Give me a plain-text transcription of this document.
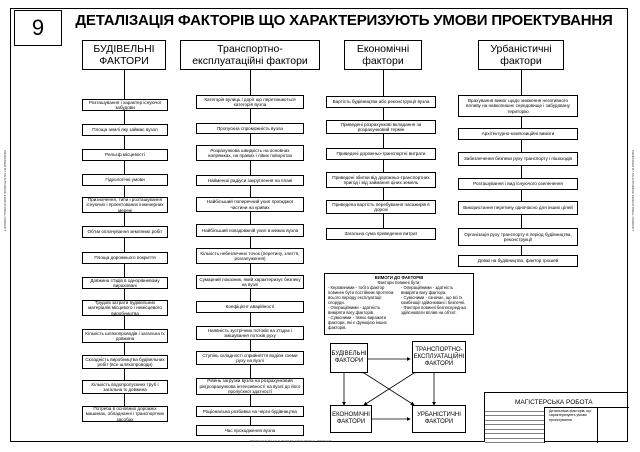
PRODUCED BY AN AUTODESK EDUCATIONAL PRODUCT	PRODUCED BY AN AUTODESK EDUCATIONAL PRODUCT
9	ДЕТАЛІЗАЦІЯ ФАКТОРІВ ЩО ХАРАКТЕРИЗУЮТЬ УМОВИ ПРОЕКТУВАННЯ
БУДІВЕЛЬНІ ФАКТОРИ
Транспортно-експлуатаційні фактори
Економічні фактори
Урбаністичні фактори
Розташування і характер існуючої забудови
Площа землі яку займає вузол
Рельєф місцевості
Гідрологічні умови
Призначення, типи і розташування існуючих і проектованих інженерних мереж
Об'єм оплачування земляних робіт
Площа дорожнього покриття
Довжина з'їздів в однорівневому вираховані
Трудові затрати будівельних матеріалів місцевого і немісцевого виробництва
Кількість шляхопроводів і загальна їх довжина
Складність виробництва будівельних робіт (все шляхопроводи)
Кількість водопропускних труб і загальна їх довжина
Потреба в основних дорожніх машинах, обладнанні і транспортних засобах
Категорія вулиць і доріг що перетинаються категорія вузла
Пропускна спроможність вузла
Розрахункова швидкість на основних напрямках, на правих і лівих поворотах
Найменші радіуси закруглення на плані
Найбільший поперечний ухил проїжджої частини на кривих
Найбільший повздовжній ухил в межах вузла
Кількість небезпечних точок (перетину, злиття, розгалуження)
Сумарний показник, який характеризує безпеку на вузлі
Коефіцієнт аварійності
Наявність зустрічних потоків на з'їздах і змішування потоків руху
Ступінь складності сприйняття водієм схеми руху на вузлі
Рівень загрузки вузла на розрахунковий рік(розрахункова інтенсивності на вузлі до його пропускної здатності
Раціональна розбивка на черги будівництва
Час проходження вузла
Вартість будівництва або реконструкції вузла
Приведені розрахункові вкладання за розрахунковий термін
Приведені дорожньо-транспортні витрати
Приведені збитки від дорожньо-транспортних пригод і від займання ціних земель
Приведена вартість перебування пасажирів в дорозі
Загальна сума приведених витрат
Врахування вимог щодо зниження негативного впливу на навколишнє середовище і забудовану територію
Архітектурно-композиційні вимоги
Забезпечення безпеки руху транспорту і пішоходів
Розташування і вид існуючого озеленення
Використання перетину одночасно для інших цілей
Організація руху транспорту в період будівництва, реконструкції
Довжі на будівництво, фактор грошей
ВИМОГИ ДО ФАКТОРІВ
Фактори повинні бути:
- Керовиними - тобто фактор повинен бути постійним протягом всього періоду експлуатації споруди.
- Операційними - здатність виміряти вагу факторів.
- Сумісними - тяжко виражати фактори, які є функцією інших факторів.
- Операційними - здатність виміряти вагу фактора.
- Сумісними - означає, що всі їх комбінації здійснювані і безпечні.
- Фактори повинні безпосередньо здійснювати вплив на об'єкт.
БУДІВЕЛЬНІ ФАКТОРИ
ТРАНСПОРТНО-ЕКСПЛУАТАЦІЙНІ ФАКТОРИ
ЕКОНОМІЧНІ ФАКТОРИ
УРБАНІСТИЧНІ ФАКТОРИ
МАГІСТЕРСЬКА РОБОТА
Детальніша факторів, що характеризують умови проектування
PRODUCED BY AN AUTODESK EDUCATIONAL PRODUCT
